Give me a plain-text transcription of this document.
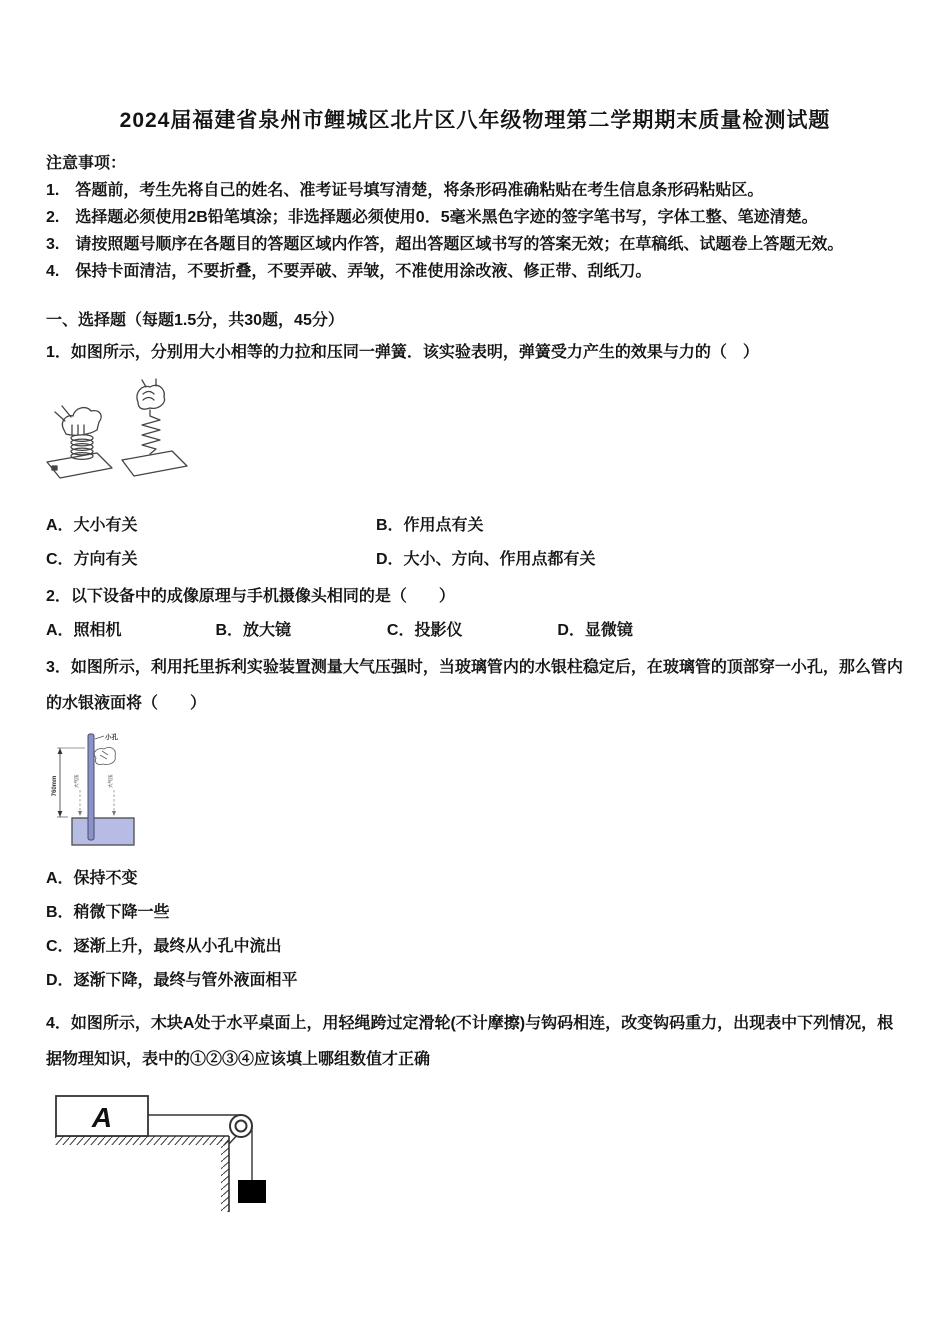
2024届福建省泉州市鲤城区北片区八年级物理第二学期期末质量检测试题
注意事项：
1.　答题前，考生先将自己的姓名、准考证号填写清楚，将条形码准确粘贴在考生信息条形码粘贴区。
2.　选择题必须使用2B铅笔填涂；非选择题必须使用0．5毫米黑色字迹的签字笔书写，字体工整、笔迹清楚。
3.　请按照题号顺序在各题目的答题区域内作答，超出答题区域书写的答案无效；在草稿纸、试题卷上答题无效。
4.　保持卡面清洁，不要折叠，不要弄破、弄皱，不准使用涂改液、修正带、刮纸刀。
一、选择题（每题1.5分，共30题，45分）
1．如图所示，分别用大小相等的力拉和压同一弹簧．该实验表明，弹簧受力产生的效果与力的（　）
A．大小有关	B．作用点有关
C．方向有关	D．大小、方向、作用点都有关
2．以下设备中的成像原理与手机摄像头相同的是（　　）
A．照相机	B．放大镜	C．投影仪	D．显微镜
3．如图所示，利用托里拆利实验装置测量大气压强时，当玻璃管内的水银柱稳定后，在玻璃管的顶部穿一小孔，那么管内的水银液面将（　　）
760mm
小孔
大气压	大气压
A．保持不变
B．稍微下降一些
C．逐渐上升，最终从小孔中流出
D．逐渐下降，最终与管外液面相平
4．如图所示，木块A处于水平桌面上，用轻绳跨过定滑轮(不计摩擦)与钩码相连，改变钩码重力，出现表中下列情况，根据物理知识，表中的①②③④应该填上哪组数值才正确
A
